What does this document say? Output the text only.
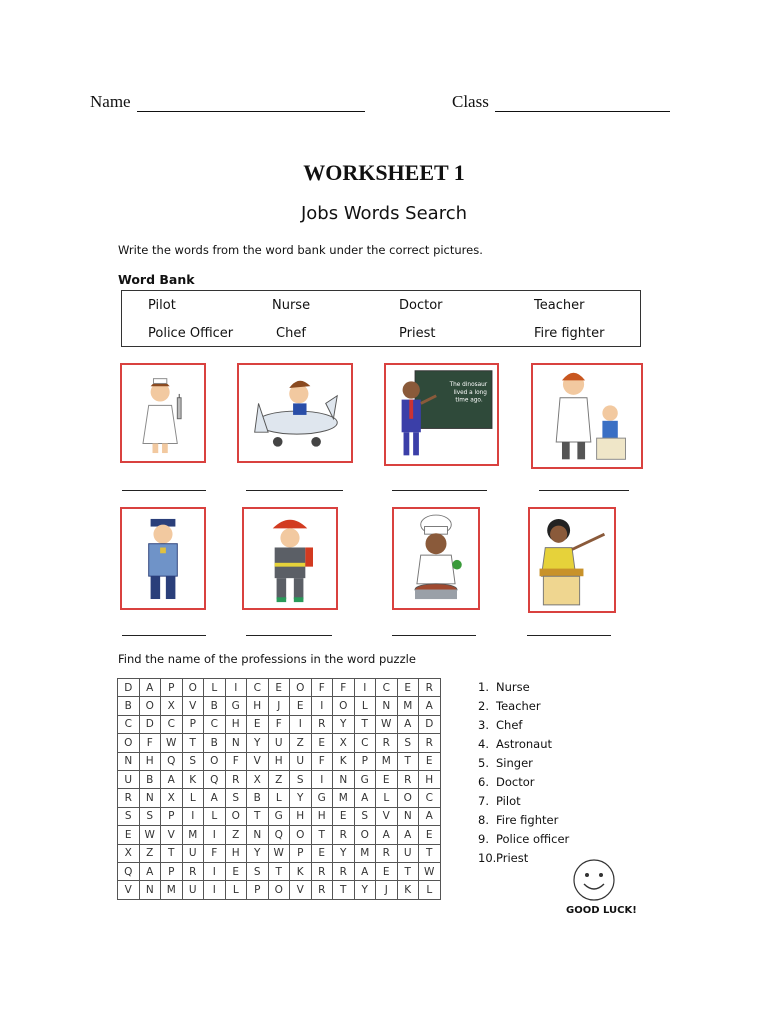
Name	Class
WORKSHEET 1
Jobs Words Search
Write the words from the word bank under the correct pictures.
Word Bank
Pilot	Nurse	Doctor	Teacher
Police Officer	Chef	Priest	Fire fighter
The dinosaur
lived a long
time ago.
Find the name of the professions in the word puzzle
D	A	P	O	L	I	C	E	O	F	F	I	C	E	R
B	O	X	V	B	G	H	J	E	I	O	L	N	M	A
C	D	C	P	C	H	E	F	I	R	Y	T	W	A	D
O	F	W	T	B	N	Y	U	Z	E	X	C	R	S	R
N	H	Q	S	O	F	V	H	U	F	K	P	M	T	E
U	B	A	K	Q	R	X	Z	S	I	N	G	E	R	H
R	N	X	L	A	S	B	L	Y	G	M	A	L	O	C
S	S	P	I	L	O	T	G	H	H	E	S	V	N	A
E	W	V	M	I	Z	N	Q	O	T	R	O	A	A	E
X	Z	T	U	F	H	Y	W	P	E	Y	M	R	U	T
Q	A	P	R	I	E	S	T	K	R	R	A	E	T	W
V	N	M	U	I	L	P	O	V	R	T	Y	J	K	L
1. Nurse
2. Teacher
3. Chef
4. Astronaut
5. Singer
6. Doctor
7. Pilot
8. Fire fighter
9. Police officer
10.Priest
GOOD LUCK!
